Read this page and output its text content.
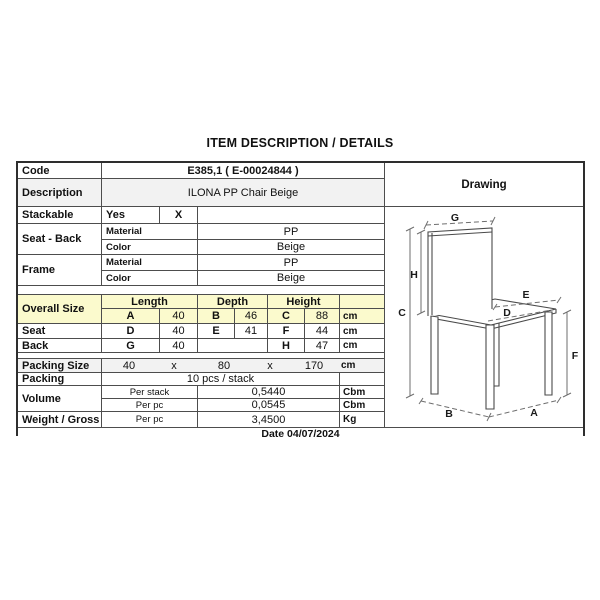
ITEM DESCRIPTION / DETAILS
Code	E385,1 ( E-00024844 )
Description	ILONA PP Chair Beige
Drawing
Stackable	Yes	X
Seat - Back
Material	PP
Color	Beige
Frame
Material	PP
Color	Beige
Overall Size
Length	Depth	Height
A	40	B	46	C	88	cm
Seat	D	40	E	41	F	44	cm
Back	G	40	H	47	cm
Packing Size	40	x	80	x	170 cm
Packing	10 pcs / stack
Volume
Per stack	0,5440	Cbm
Per pc	0,0545	Cbm
Weight / Gross	Per pc	3,4500	Kg
Date 04/07/2024
G
H
C
E
D
F
B	A
